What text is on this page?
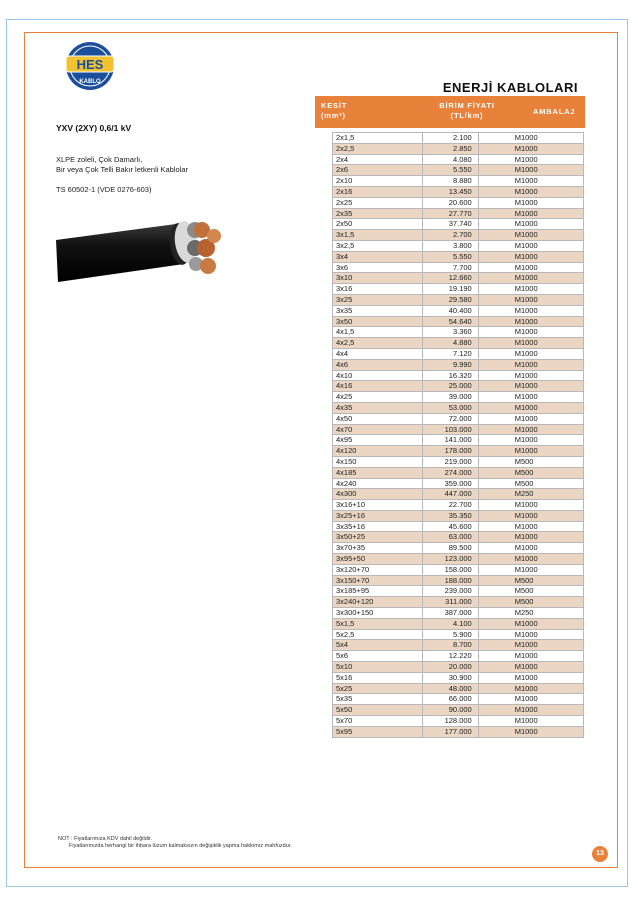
HES
KABLO	ENERJİ KABLOLARI
KESİT
(mm²)
BİRİM FİYATI
(TL/km)	AMBALAJ
YXV (2XY) 0,6/1 kV
XLPE zoleli, Çok Damarlı,
Bir veya Çok Telli Bakır letkenli Kablolar
TS 60502-1 (VDE 0276-603)
2x1,5	2.100	M1000
2x2,5	2.850	M1000
2x4	4.080	M1000
2x6	5.550	M1000
2x10	8.880	M1000
2x16	13.450	M1000
2x25	20.600	M1000
2x35	27.770	M1000
2x50	37.740	M1000
3x1,5	2.700	M1000
3x2,5	3.800	M1000
3x4	5.550	M1000
3x6	7.700	M1000
3x10	12.660	M1000
3x16	19.190	M1000
3x25	29.580	M1000
3x35	40.400	M1000
3x50	54.640	M1000
4x1,5	3.360	M1000
4x2,5	4.880	M1000
4x4	7.120	M1000
4x6	9.990	M1000
4x10	16.320	M1000
4x16	25.000	M1000
4x25	39.000	M1000
4x35	53.000	M1000
4x50	72.000	M1000
4x70	103.000	M1000
4x95	141.000	M1000
4x120	178.000	M1000
4x150	219.000	M500
4x185	274.000	M500
4x240	359.000	M500
4x300	447.000	M250
3x16+10	22.700	M1000
3x25+16	35.350	M1000
3x35+16	45.600	M1000
3x50+25	63.000	M1000
3x70+35	89.500	M1000
3x95+50	123.000	M1000
3x120+70	158.000	M1000
3x150+70	188.000	M500
3x185+95	239.000	M500
3x240+120	311.000	M500
3x300+150	387.000	M250
5x1,5	4.100	M1000
5x2,5	5.900	M1000
5x4	8.700	M1000
5x6	12.220	M1000
5x10	20.000	M1000
5x16	30.900	M1000
5x25	48.000	M1000
5x35	66.000	M1000
5x50	90.000	M1000
5x70	128.000	M1000
5x95	177.000	M1000
NOT : Fiyatlarımıza KDV dahil değildir.
Fiyatlarımızda herhangi bir ihbara lüzum kalmaksızın değişiklik yapma hakkımız mahfuzdur.
13
